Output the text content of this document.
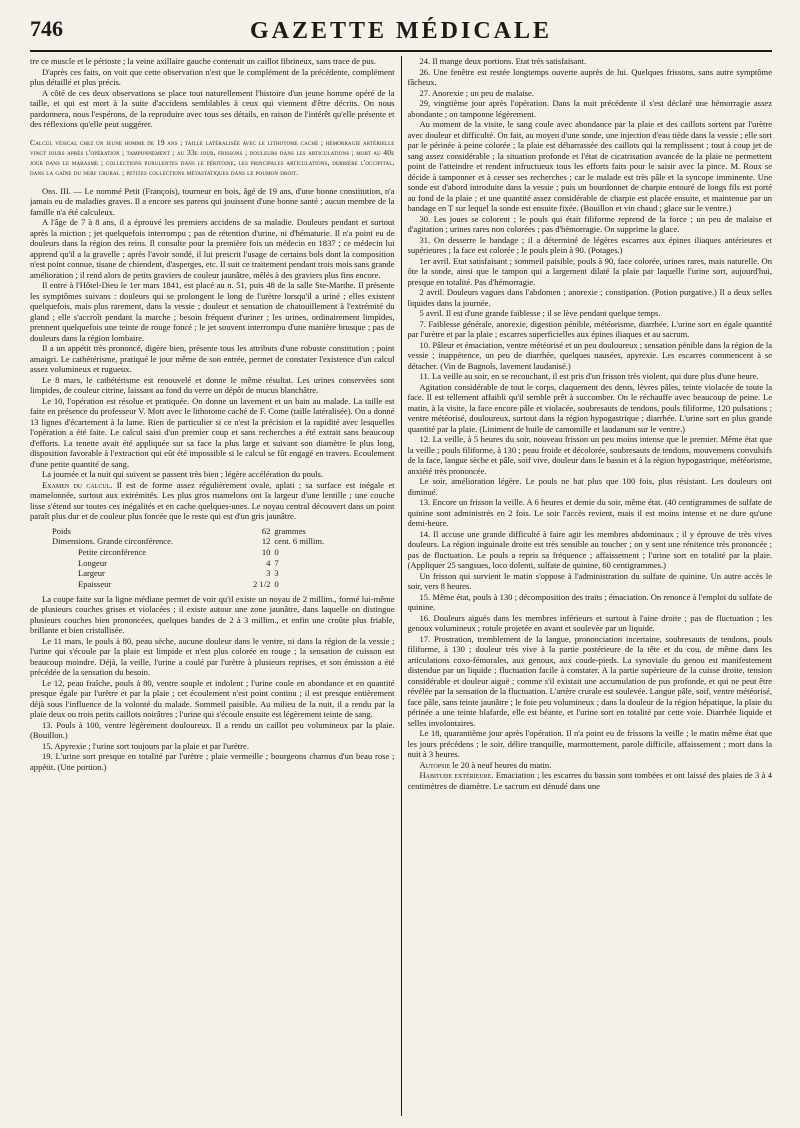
746	GAZETTE MÉDICALE

tre ce muscle et le périoste ; la veine axillaire gauche contenait un caillot fibrineux, sans trace de pus.

D'après ces faits, on voit que cette observation n'est que le complément de la précédente, complément plus détaillé et plus précis.

A côté de ces deux observations se place tout naturellement l'histoire d'un jeune homme opéré de la taille, et qui est mort à la suite d'accidens semblables à ceux qui viennent d'être décrits. On nous pardonnera, nous l'espérons, de la reproduire avec tous ses détails, en raison de l'intérêt qu'elle présente et des réflexions qu'elle peut suggérer.

Calcul vésical chez un jeune homme de 19 ans ; taille latéralisée avec le lithotome caché ; hémorragie artérielle vingt jours après l'opération ; tamponnement ; au 33e jour, frissons ; douleurs dans les articulations ; mort au 40e jour dans le marasme ; collections purulentes dans le péritoine, les principales articulations, derrière l'occipital, dans la gaîne du nerf crural ; petites collections métastatiques dans le poumon droit.

Obs. III. — Le nommé Petit (François), tourneur en bois, âgé de 19 ans, d'une bonne constitution, n'a jamais eu de maladies graves. Il a encore ses parens qui jouissent d'une bonne santé ; aucun membre de la famille n'a été calculeux.

A l'âge de 7 à 8 ans, il a éprouvé les premiers accidens de sa maladie. Douleurs pendant et surtout après la miction ; jet quelquefois interrompu ; pas de rétention d'urine, ni d'hématurie. Il n'a point eu de douleurs dans la région des reins. Il consulte pour la première fois un médecin en 1837 ; ce médecin lui apprend qu'il a la gravelle ; après l'avoir sondé, il lui prescrit l'usage de certains bols dont la composition n'est point connue, tisane de chiendent, d'asperges, etc. Il suit ce traitement pendant trois mois sans grande amélioration ; il rend alors de petits graviers de couleur jaunâtre, mêlés à des graviers plus fins encore.

Il entre à l'Hôtel-Dieu le 1er mars 1841, est placé au n. 51, puis 48 de la salle Ste-Marthe. Il présente les symptômes suivans : douleurs qui se prolongent le long de l'urètre lorsqu'il a uriné ; elles existent quelquefois, mais plus rarement, dans la vessie ; douleur et sensation de chatouillement à l'extrémité du gland ; elle s'accroît pendant la marche ; besoin fréquent d'uriner ; les urines, ordinairement limpides, prennent quelquefois une teinte de rouge foncé ; le jet souvent interrompu d'une manière brusque ; pas de douleurs dans la région lombaire.

Il a un appétit très prononcé, digère bien, présente tous les attributs d'une robuste constitution ; point amaigri. Le cathétérisme, pratiqué le jour même de son entrée, permet de constater l'existence d'un calcul assez volumineux et rugueux.

Le 8 mars, le cathétérisme est renouvelé et donne le même résultat. Les urines conservées sont limpides, de couleur citrine, laissant au fond du verre un dépôt de mucus blanchâtre.

Le 10, l'opération est résolue et pratiquée. On donne un lavement et un bain au malade. La taille est faite en présence du professeur V. Mott avec le lithotome caché de F. Come (taille latéralisée). On a donné 13 lignes d'écartement à la lame. Rien de particulier si ce n'est la précision et la rapidité avec lesquelles l'opération a été faite. Le calcul saisi d'un premier coup et sans recherches a été extrait sans beaucoup d'efforts. La tenette avait été appliquée sur sa face la plus large et suivant son diamètre le plus long, disposition favorable à l'extraction qui eût été impossible si le calcul se fût engagé en travers. Ecoulement d'une petite quantité de sang.

La journée et la nuit qui suivent se passent très bien ; légère accélération du pouls.

Examen du calcul. Il est de forme assez régulièrement ovale, aplati ; sa surface est inégale et mamelonnée, surtout aux extrémités. Les plus gros mamelons ont la largeur d'une lentille ; une couche lisse s'étend sur toutes ces inégalités et en cache quelques-unes. Le noyau central découvert dans un point paraît plus dur et de couleur plus foncée que le reste qui est d'un gris jaunâtre.

Poids	62	grammes
Dimensions. Grande circonférence.	12	cent. 6 millim.
Petite circonférence	10	0
Longeur	4	7
Largeur	3	3
Epaisseur	2 1/2	0

La coupe faite sur la ligne médiane permet de voir qu'il existe un noyau de 2 millim., formé lui-même de plusieurs couches grises et violacées ; il existe autour une zone jaunâtre, dans laquelle on distingue plusieurs couches bien prononcées, quelques bandes de 2 à 3 millim., et enfin une croûte plus friable, brillante et bien cristallisée.

Le 11 mars, le pouls à 80, peau sèche, aucune douleur dans le ventre, ni dans la région de la vessie ; l'urine qui s'écoule par la plaie est limpide et n'est plus colorée en rouge ; la sensation de cuisson est beaucoup moindre. Déjà, la veille, l'urine a coulé par l'urètre à plusieurs reprises, et son émission a été précédée de la sensation du besoin.

Le 12, peau fraîche, pouls à 80, ventre souple et indolent ; l'urine coule en abondance et en quantité presque égale par l'urètre et par la plaie ; cet écoulement n'est point continu ; il est presque entièrement déjà sous l'influence de la volonté du malade. Sommeil paisible. Au milieu de la nuit, il a rendu par la plaie deux ou trois petits caillots noirâtres ; l'urine qui s'écoule ensuite est légèrement teinte de sang.

13. Pouls à 100, ventre légèrement douloureux. Il a rendu un caillot peu volumineux par la plaie. (Bouillon.)

15. Apyrexie ; l'urine sort toujours par la plaie et par l'urètre.

19. L'urine sort presque en totalité par l'urètre ; plaie vermeille ; bourgeons charnus d'un beau rose ; appétit. (Une portion.)

24. Il mange deux portions. Etat très satisfaisant.

26. Une fenêtre est restée longtemps ouverte auprès de lui. Quelques frissons, sans autre symptôme fâcheux.

27. Anorexie ; un peu de malaise.

29, vingtième jour après l'opération. Dans la nuit précédente il s'est déclaré une hémorragie assez abondante ; on tamponne légèrement.

Au moment de la visite, le sang coule avec abondance par la plaie et des caillots sortent par l'urètre avec douleur et difficulté. On fait, au moyen d'une sonde, une injection d'eau tiède dans la vessie ; elle sort par le périnée à peine colorée ; la plaie est débarrassée des caillots qui la remplissent ; tout à coup jet de sang assez considérable ; la situation profonde et l'état de cicatrisation avancée de la plaie ne permettent point de l'atteindre et rendent infructueux tous les efforts faits pour le saisir avec la pince. M. Roux se décide à tamponner et à cesser ses recherches ; car le malade est très pâle et la syncope imminente. Une sonde est d'abord introduite dans la vessie ; puis un bourdonnet de charpie entouré de longs fils est porté au fond de la plaie ; et une quantité assez considérable de charpie est placée ensuite, et maintenue par un bandage en T sur lequel la sonde est ensuite fixée. (Bouillon et vin chaud ; glace sur le ventre.)

30. Les joues se colorent ; le pouls qui était filiforme reprend de la force ; un peu de malaise et d'agitation ; urines rares non colorées ; pas d'hémorragie. On supprime la glace.

31. On desserre le bandage ; il a déterminé de légères escarres aux épines iliaques antérieures et supérieures ; la face est colorée ; le pouls plein à 90. (Potages.)

1er avril. Etat satisfaisant ; sommeil paisible, pouls à 90, face colorée, urines rares, mais naturelle. On ôte la sonde, ainsi que le tampon qui a largement dilaté la plaie par laquelle l'urine sort, aujourd'hui, presque en totalité. Pas d'hémorragie.

2 avril. Douleurs vagues dans l'abdomen ; anorexie ; constipation. (Potion purgative.) Il a deux selles liquides dans la journée.

5 avril. Il est d'une grande faiblesse ; il se lève pendant quelque temps.

7. Faiblesse générale, anorexie, digestion pénible, météorisme, diarrhée. L'urine sort en égale quantité par l'urètre et par la plaie ; escarres superficielles aux épines iliaques et au sacrum.

10. Pâleur et émaciation, ventre météorisé et un peu douloureux ; sensation pénible dans la région de la vessie ; inappétence, un peu de diarrhée, quelques nausées, apyrexie. Les escarres commencent à se détacher. (Vin de Bagnols, lavement laudanisé.)

11. La veille au soir, en se recouchant, il est pris d'un frisson très violent, qui dure plus d'une heure.

Agitation considérable de tout le corps, claquement des dents, lèvres pâles, teinte violacée de toute la face. Il est tellement affaibli qu'il semble prêt à succomber. On le réchauffe avec beaucoup de peine. Le matin, à la visite, la face encore pâle et violacée, soubresauts de tendons, pouls filiforme, 120 pulsations ; ventre météorisé, douloureux, surtout dans la région hypogastrique ; diarrhée. L'urine sort en plus grande quantité par la plaie. (Liniment de huile de camomille et laudanum sur le ventre.)

12. La veille, à 5 heures du soir, nouveau frisson un peu moins intense que le premier. Même état que la veille ; pouls filiforme, à 130 ; peau froide et décolorée, soubresauts de tendons, mouvemens convulsifs de la face, langue sèche et pâle, soif vive, douleur dans le bassin et à la région hypogastrique, météorisme, anxiété très prononcée.

Le soir, amélioration légère. Le pouls ne bat plus que 100 fois, plus résistant. Les douleurs ont diminué.

13. Encore un frisson la veille. A 6 heures et demie du soir, même état. (40 centigrammes de sulfate de quinine sont administrés en 2 fois. Le soir l'accès revient, mais il est moins intense et ne dure qu'une demi-heure.

14. Il accuse une grande difficulté à faire agir les membres abdominaux ; il y éprouve de très vives douleurs. La région inguinale droite est très sensible au toucher ; on y sent une rénitence très prononcée ; pas de fluctuation. Le pouls a repris sa fréquence ; affaissement ; l'urine sort en totalité par la plaie. (Appliquer 25 sangsues, loco dolenti, sulfate de quinine, 60 centigrammes.)

Un frisson qui survient le matin s'oppose à l'administration du sulfate de quinine. Un autre accès le soir, vers 8 heures.

15. Même état, pouls à 130 ; décomposition des traits ; émaciation. On renonce à l'emploi du sulfate de quinine.

16. Douleurs aiguës dans les membres inférieurs et surtout à l'aine droite ; pas de fluctuation ; les genoux volumineux ; rotule projetée en avant et soulevée par un liquide.

17. Prostration, tremblement de la langue, prononciation incertaine, soubresauts de tendons, pouls filiforme, à 130 ; douleur très vive à la partie postérieure de la tête et du cou, de même dans les articulations coxo-fémorales, aux genoux, aux coude-pieds. La synoviale du genou est manifestement distendue par un liquide ; fluctuation facile à constater. A la partie supérieure de la cuisse droite, tension considérable et douleur aiguë ; comme s'il existait une accumulation de pus profonde, et qui ne peut être révélée par la sensation de la fluctuation. L'artère crurale est soulevée. Langue pâle, soif, ventre météorisé, face pâle, sans teinte jaunâtre ; le foie peu volumineux ; dans la douleur de la région hépatique, la plaie du périnée a une teinte blafarde, elle est béante, et l'urine sort en totalité par cette voie. Diarrhée liquide et selles involontaires.

Le 18, quarantième jour après l'opération. Il n'a point eu de frissons la veille ; le matin même état que les jours précédens ; le soir, délire tranquille, marmottement, parole difficile, affaissement ; mort dans la nuit à 3 heures.

Autopsie le 20 à neuf heures du matin.

Habitude extérieure. Emaciation ; les escarres du bassin sont tombées et ont laissé des plaies de 3 à 4 centimètres de diamètre. Le sacrum est dénudé dans une
